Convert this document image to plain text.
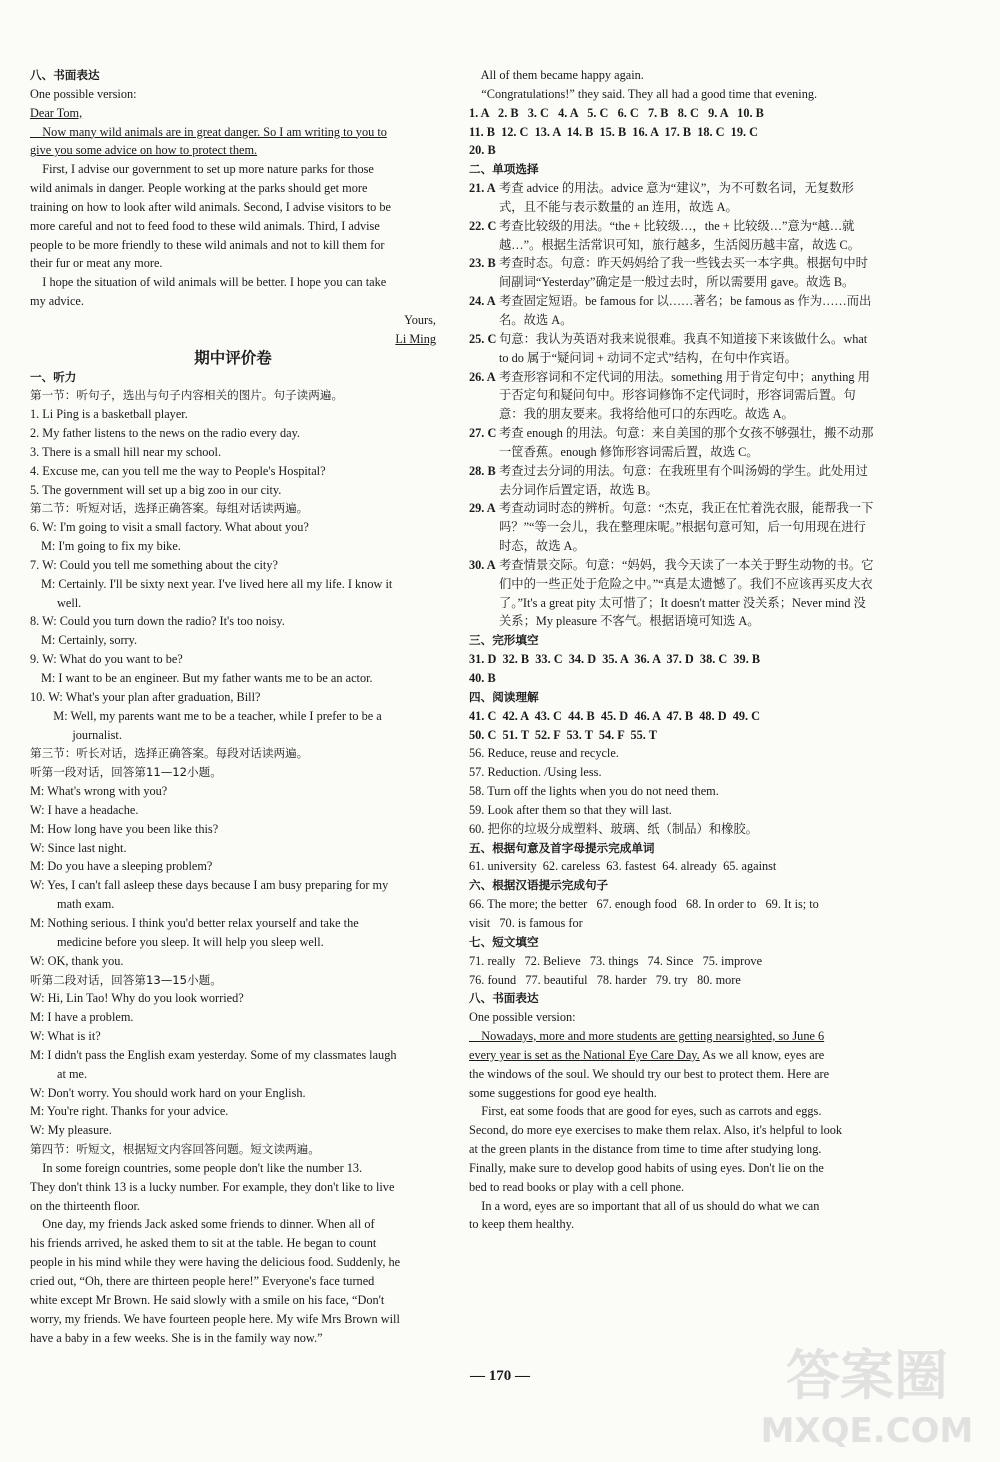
八、书面表达
One possible version:
Dear Tom,
Now many wild animals are in great danger. So I am writing to you to
give you some advice on how to protect them.
First, I advise our government to set up more nature parks for those
wild animals in danger. People working at the parks should get more
training on how to look after wild animals. Second, I advise visitors to be
more careful and not to feed food to these wild animals. Third, I advise
people to be more friendly to these wild animals and not to kill them for
their fur or meat any more.
I hope the situation of wild animals will be better. I hope you can take
my advice.
Yours,
Li Ming
期中评价卷
一、听力
第一节：听句子，选出与句子内容相关的图片。句子读两遍。
1. Li Ping is a basketball player.
2. My father listens to the news on the radio every day.
3. There is a small hill near my school.
4. Excuse me, can you tell me the way to People's Hospital?
5. The government will set up a big zoo in our city.
第二节：听短对话，选择正确答案。每组对话读两遍。
6. W: I'm going to visit a small factory. What about you?
M: I'm going to fix my bike.
7. W: Could you tell me something about the city?
M: Certainly. I'll be sixty next year. I've lived here all my life. I know it
well.
8. W: Could you turn down the radio? It's too noisy.
M: Certainly, sorry.
9. W: What do you want to be?
M: I want to be an engineer. But my father wants me to be an actor.
10. W: What's your plan after graduation, Bill?
M: Well, my parents want me to be a teacher, while I prefer to be a
journalist.
第三节：听长对话，选择正确答案。每段对话读两遍。
听第一段对话，回答第11—12小题。
M: What's wrong with you?
W: I have a headache.
M: How long have you been like this?
W: Since last night.
M: Do you have a sleeping problem?
W: Yes, I can't fall asleep these days because I am busy preparing for my
math exam.
M: Nothing serious. I think you'd better relax yourself and take the
medicine before you sleep. It will help you sleep well.
W: OK, thank you.
听第二段对话，回答第13—15小题。
W: Hi, Lin Tao! Why do you look worried?
M: I have a problem.
W: What is it?
M: I didn't pass the English exam yesterday. Some of my classmates laugh
at me.
W: Don't worry. You should work hard on your English.
M: You're right. Thanks for your advice.
W: My pleasure.
第四节：听短文，根据短文内容回答问题。短文读两遍。
In some foreign countries, some people don't like the number 13.
They don't think 13 is a lucky number. For example, they don't like to live
on the thirteenth floor.
One day, my friends Jack asked some friends to dinner. When all of
his friends arrived, he asked them to sit at the table. He began to count
people in his mind while they were having the delicious food. Suddenly, he
cried out, “Oh, there are thirteen people here!” Everyone's face turned
white except Mr Brown. He said slowly with a smile on his face, “Don't
worry, my friends. We have fourteen people here. My wife Mrs Brown will
have a baby in a few weeks. She is in the family way now.”
All of them became happy again.
“Congratulations!” they said. They all had a good time that evening.
1. A   2. B   3. C   4. A   5. C   6. C   7. B   8. C   9. A   10. B
11. B  12. C  13. A  14. B  15. B  16. A  17. B  18. C  19. C
20. B
二、单项选择
21. A 考查 advice 的用法。advice 意为“建议”，为不可数名词，无复数形式，且不能与表示数量的 an 连用，故选 A。
22. C 考查比较级的用法。“the + 比较级…，the + 比较级…”意为“越…就越…”。根据生活常识可知，旅行越多，生活阅历越丰富，故选 C。
23. B 考查时态。句意：昨天妈妈给了我一些钱去买一本字典。根据句中时间副词“Yesterday”确定是一般过去时，所以需要用 gave。故选 B。
24. A 考查固定短语。be famous for 以……著名；be famous as 作为……而出名。故选 A。
25. C 句意：我认为英语对我来说很难。我真不知道接下来该做什么。what to do 属于“疑问词 + 动词不定式”结构，在句中作宾语。
26. A 考查形容词和不定代词的用法。something 用于肯定句中；anything 用于否定句和疑问句中。形容词修饰不定代词时，形容词需后置。句意：我的朋友要来。我将给他可口的东西吃。故选 A。
27. C 考查 enough 的用法。句意：来自美国的那个女孩不够强壮，搬不动那一筐香蕉。enough 修饰形容词需后置，故选 C。
28. B 考查过去分词的用法。句意：在我班里有个叫汤姆的学生。此处用过去分词作后置定语，故选 B。
29. A 考查动词时态的辨析。句意：“杰克，我正在忙着洗衣服，能帮我一下吗？”“等一会儿，我在整理床呢。”根据句意可知，后一句用现在进行时态，故选 A。
30. A 考查情景交际。句意：“妈妈，我今天读了一本关于野生动物的书。它们中的一些正处于危险之中。”“真是太遗憾了。我们不应该再买皮大衣了。”It's a great pity 太可惜了；It doesn't matter 没关系；Never mind 没关系；My pleasure 不客气。根据语境可知选 A。
三、完形填空
31. D  32. B  33. C  34. D  35. A  36. A  37. D  38. C  39. B
40. B
四、阅读理解
41. C  42. A  43. C  44. B  45. D  46. A  47. B  48. D  49. C
50. C  51. T  52. F  53. T  54. F  55. T
56. Reduce, reuse and recycle.
57. Reduction. /Using less.
58. Turn off the lights when you do not need them.
59. Look after them so that they will last.
60. 把你的垃圾分成塑料、玻璃、纸（制品）和橡胶。
五、根据句意及首字母提示完成单词
61. university  62. careless  63. fastest  64. already  65. against
六、根据汉语提示完成句子
66. The more; the better   67. enough food   68. In order to   69. It is; to
visit   70. is famous for
七、短文填空
71. really   72. Believe   73. things   74. Since   75. improve
76. found   77. beautiful   78. harder   79. try   80. more
八、书面表达
One possible version:
Nowadays, more and more students are getting nearsighted, so June 6
every year is set as the National Eye Care Day. As we all know, eyes are
the windows of the soul. We should try our best to protect them. Here are
some suggestions for good eye health.
First, eat some foods that are good for eyes, such as carrots and eggs.
Second, do more eye exercises to make them relax. Also, it's helpful to look
at the green plants in the distance from time to time after studying long.
Finally, make sure to develop good habits of using eyes. Don't lie on the
bed to read books or play with a cell phone.
In a word, eyes are so important that all of us should do what we can
to keep them healthy.
— 170 —	答案圈
MXQE.COM
